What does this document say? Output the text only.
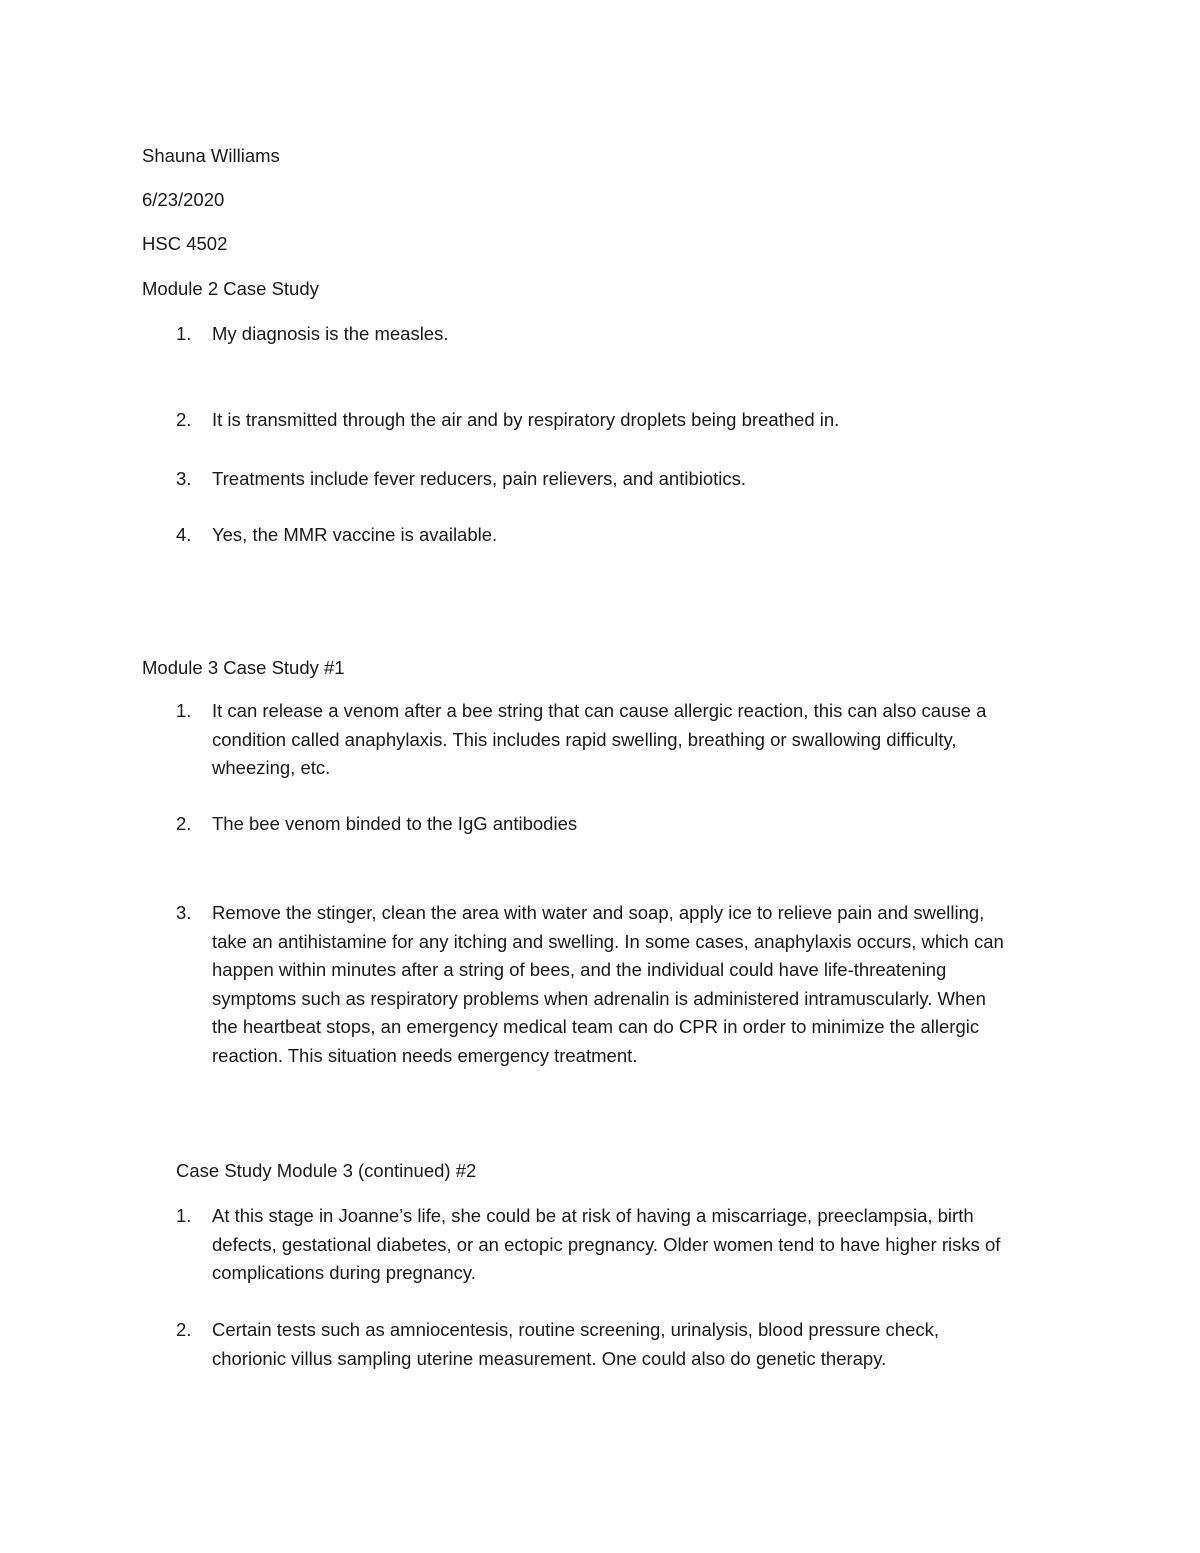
Shauna Williams
6/23/2020
HSC 4502
Module 2 Case Study
1. My diagnosis is the measles.
2. It is transmitted through the air and by respiratory droplets being breathed in.
3. Treatments include fever reducers, pain relievers, and antibiotics.
4. Yes, the MMR vaccine is available.
Module 3 Case Study #1
1. It can release a venom after a bee string that can cause allergic reaction, this can also cause a
condition called anaphylaxis. This includes rapid swelling, breathing or swallowing difficulty,
wheezing, etc.
2. The bee venom binded to the IgG antibodies
3. Remove the stinger, clean the area with water and soap, apply ice to relieve pain and swelling,
take an antihistamine for any itching and swelling. In some cases, anaphylaxis occurs, which can
happen within minutes after a string of bees, and the individual could have life-threatening
symptoms such as respiratory problems when adrenalin is administered intramuscularly. When
the heartbeat stops, an emergency medical team can do CPR in order to minimize the allergic
reaction. This situation needs emergency treatment.
Case Study Module 3 (continued) #2
1. At this stage in Joanne’s life, she could be at risk of having a miscarriage, preeclampsia, birth
defects, gestational diabetes, or an ectopic pregnancy. Older women tend to have higher risks of
complications during pregnancy.
2. Certain tests such as amniocentesis, routine screening, urinalysis, blood pressure check,
chorionic villus sampling uterine measurement. One could also do genetic therapy.
